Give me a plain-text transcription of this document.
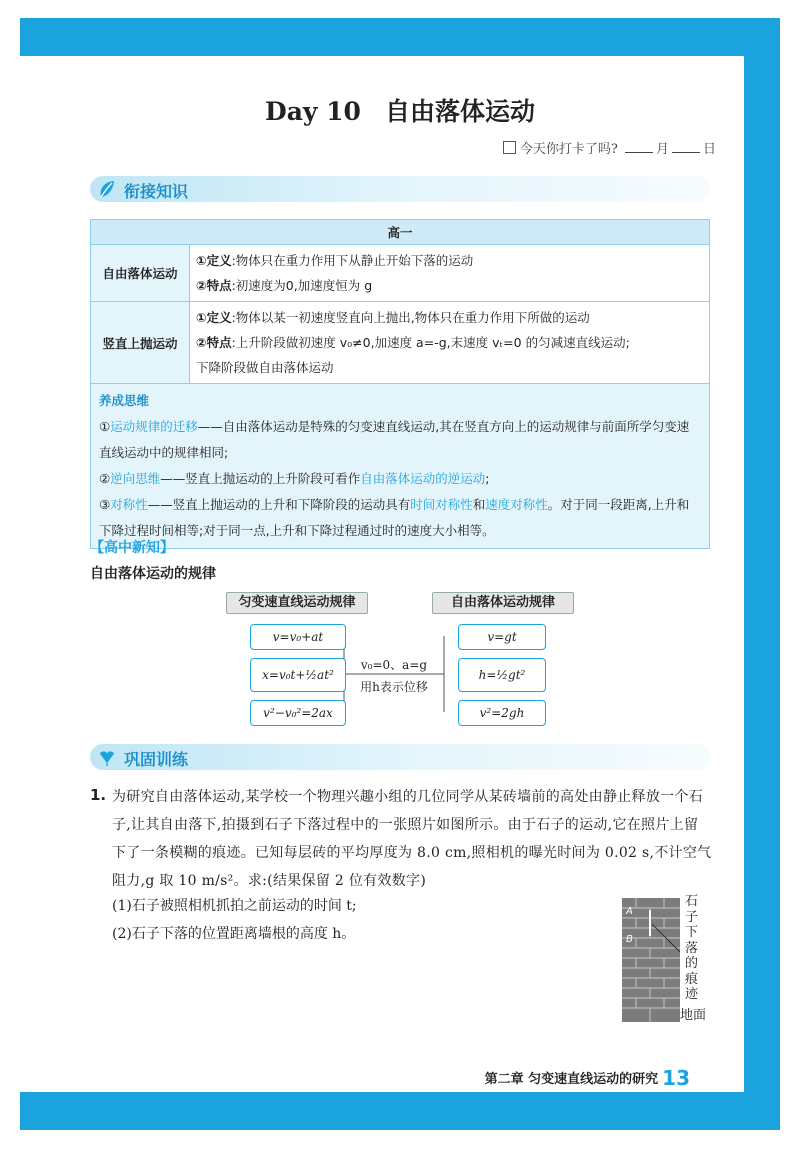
Day 10 自由落体运动
今天你打卡了吗?	月	日
衔接知识
高一	
自由落体运动	①定义:物体只在重力作用下从静止开始下落的运动
②特点:初速度为0,加速度恒为 g

竖直上抛运动	①定义:物体以某一初速度竖直向上抛出,物体只在重力作用下所做的运动
②特点:上升阶段做初速度 v₀≠0,加速度 a=-g,末速度 vₜ=0 的匀减速直线运动;
下降阶段做自由落体运动

养成思维
①运动规律的迁移——自由落体运动是特殊的匀变速直线运动,其在竖直方向上的运动规律与前面所学匀变速直线运动中的规律相同;
②逆向思维——竖直上抛运动的上升阶段可看作自由落体运动的逆运动;
③对称性——竖直上抛运动的上升和下降阶段的运动具有时间对称性和速度对称性。对于同一段距离,上升和下降过程时间相等;对于同一点,上升和下降过程通过时的速度大小相等。	
【高中新知】
自由落体运动的规律
匀变速直线运动规律	自由落体运动规律
v=v₀+at
x=v₀t+½at²
v²−v₀²=2ax
v=gt
h=½gt²
v²=2gh
v₀=0、a=g
用h表示位移
巩固训练
1. 为研究自由落体运动,某学校一个物理兴趣小组的几位同学从某砖墙前的高处由静止释放一个石子,让其自由落下,拍摄到石子下落过程中的一张照片如图所示。由于石子的运动,它在照片上留下了一条模糊的痕迹。已知每层砖的平均厚度为 8.0 cm,照相机的曝光时间为 0.02 s,不计空气阻力,g 取 10 m/s²。求:(结果保留 2 位有效数字)
(1)石子被照相机抓拍之前运动的时间 t;
(2)石子下落的位置距离墙根的高度 h。
A
B
石子下落的痕迹
地面
第二章 匀变速直线运动的研究 13
